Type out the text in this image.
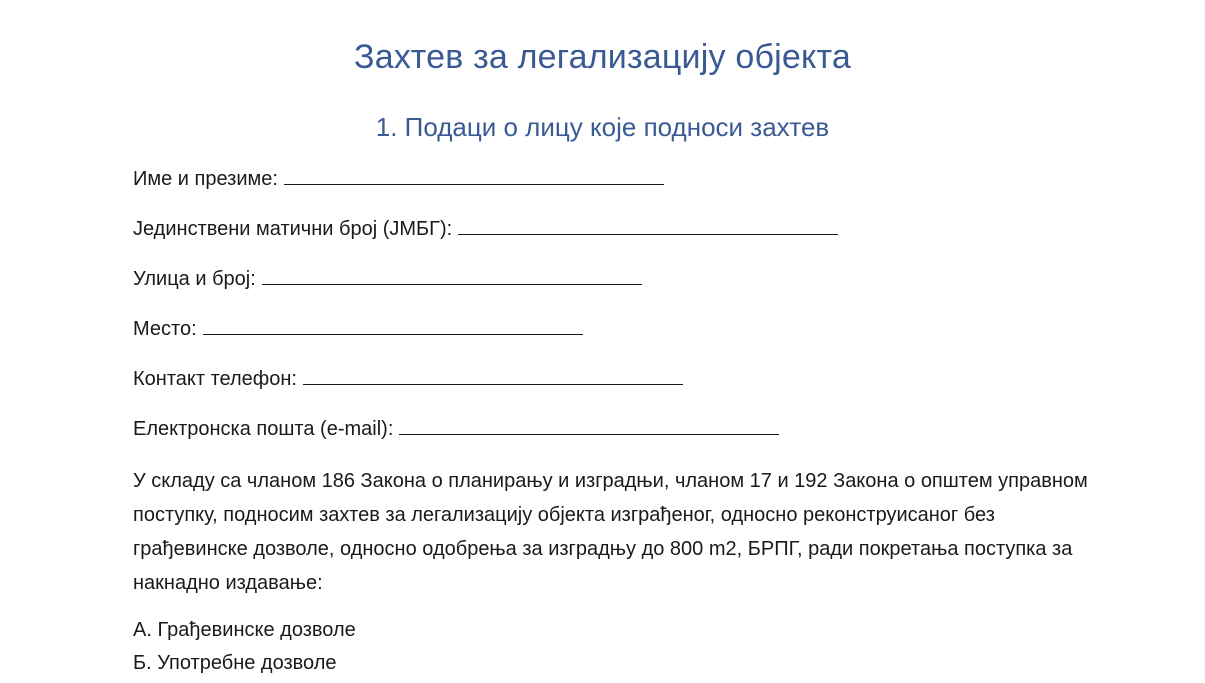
Захтев за легализацију објекта
1. Подаци о лицу које подноси захтев
Име и презиме:
Јединствени матични број (ЈМБГ):
Улица и број:
Место:
Контакт телефон:
Електронска пошта (e-mail):

У складу са чланом 186 Закона о планирању и изградњи, чланом 17 и 192 Закона о општем управном поступку, подносим захтев за легализацију објекта изграђеног, односно реконструисаног без грађевинске дозволе, односно одобрења за изградњу до 800 m2, БРПГ, ради покретања поступка за накнадно издавање:

А. Грађевинске дозволе
Б. Употребне дозволе
